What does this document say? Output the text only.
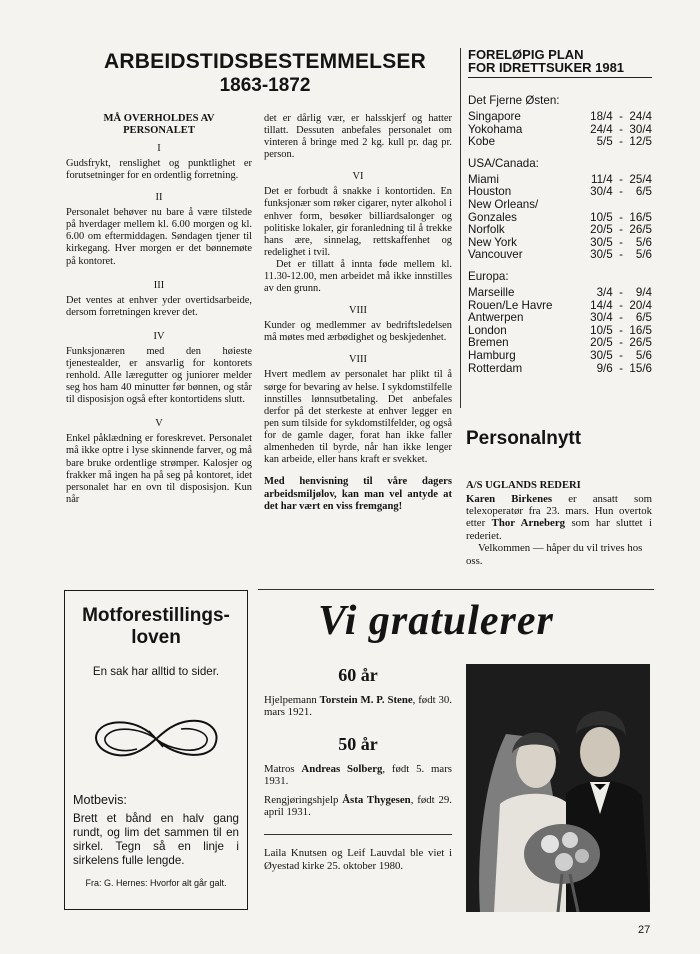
ARBEIDSTIDSBESTEMMELSER
1863-1872
MÅ OVERHOLDES AV
PERSONALET
I

Gudsfrykt, renslighet og punktlighet er forutsetninger for en ordentlig forretning.

II

Personalet behøver nu bare å være tilstede på hverdager mellem kl. 6.00 morgen og kl. 6.00 om eftermiddagen. Søndagen tjener til kirkegang. Hver morgen er det bønnemøte på kontoret.

III

Det ventes at enhver yder overtidsarbeide, dersom forretningen krever det.

IV

Funksjonæren med den høieste tjenestealder, er ansvarlig for kontorets renhold. Alle læregutter og juniorer melder seg hos ham 40 minutter før bønnen, og står til disposisjon også efter kontortidens slutt.

V

Enkel påklædning er foreskrevet. Personalet må ikke optre i lyse skinnende farver, og må bare bruke ordentlige strømper. Kalosjer og frakker må ingen ha på seg på kontoret, idet personalet har en ovn til disposisjon. Kun når

det er dårlig vær, er halsskjerf og hatter tillatt. Dessuten anbefales personalet om vinteren å bringe med 2 kg. kull pr. dag pr. person.

VI

Det er forbudt å snakke i kontortiden. En funksjonær som røker cigarer, nyter alkohol i enhver form, besøker billiardsalonger og politiske lokaler, gir foranledning til å trekke hans ære, sinnelag, rettskaffenhet og redelighet i tvil.

Det er tillatt å innta føde mellem kl. 11.30-12.00, men arbeidet må ikke innstilles av den grunn.

VIII

Kunder og medlemmer av bedriftsledelsen må møtes med ærbødighet og beskjedenhet.

VIII

Hvert medlem av personalet har plikt til å sørge for bevaring av helse. I sykdomstilfelle innstilles lønnsutbetaling. Det anbefales derfor på det sterkeste at enhver legger en pen sum tilside for sykdomstilfelder, og også for de gamle dager, forat han ikke faller almenheden til byrde, når han ikke lenger kan arbeide, eller hans kraft er svekket.

Med henvisning til våre dagers arbeidsmiljølov, kan man vel antyde at det har vært en viss fremgang!

FORELØPIG PLAN
FOR IDRETTSUKER 1981
Det Fjerne Østen:
Singapore	18/4  -  24/4
Yokohama	24/4  -  30/4
Kobe	5/5  -  12/5
USA/Canada:
Miami	11/4  -  25/4
Houston	30/4  -    6/5
New Orleans/
Gonzales	10/5  -  16/5
Norfolk	20/5  -  26/5
New York	30/5  -    5/6
Vancouver	30/5  -    5/6
Europa:
Marseille	3/4  -    9/4
Rouen/Le Havre	14/4  -  20/4
Antwerpen	30/4  -    6/5
London	10/5  -  16/5
Bremen	20/5  -  26/5
Hamburg	30/5  -    5/6
Rotterdam	9/6  -  15/6
Personalnytt
A/S UGLANDS REDERI

Karen Birkenes er ansatt som telexoperatør fra 23. mars. Hun overtok etter Thor Arneberg som har sluttet i rederiet.

Velkommen — håper du vil trives hos oss.

Motforestillings-
loven
En sak har alltid to sider.
Motbevis:

Brett et bånd en halv gang rundt, og lim det sammen til en sirkel. Tegn så en linje i sirkelens fulle lengde.

Fra: G. Hernes: Hvorfor alt går galt.
Vi gratulerer
60 år

Hjelpemann Torstein M. P. Stene, født 30. mars 1921.

50 år

Matros Andreas Solberg, født 5. mars 1931.

Rengjøringshjelp Åsta Thygesen, født 29. april 1931.

Laila Knutsen og Leif Lauvdal ble viet i Øyestad kirke 25. oktober 1980.

27
